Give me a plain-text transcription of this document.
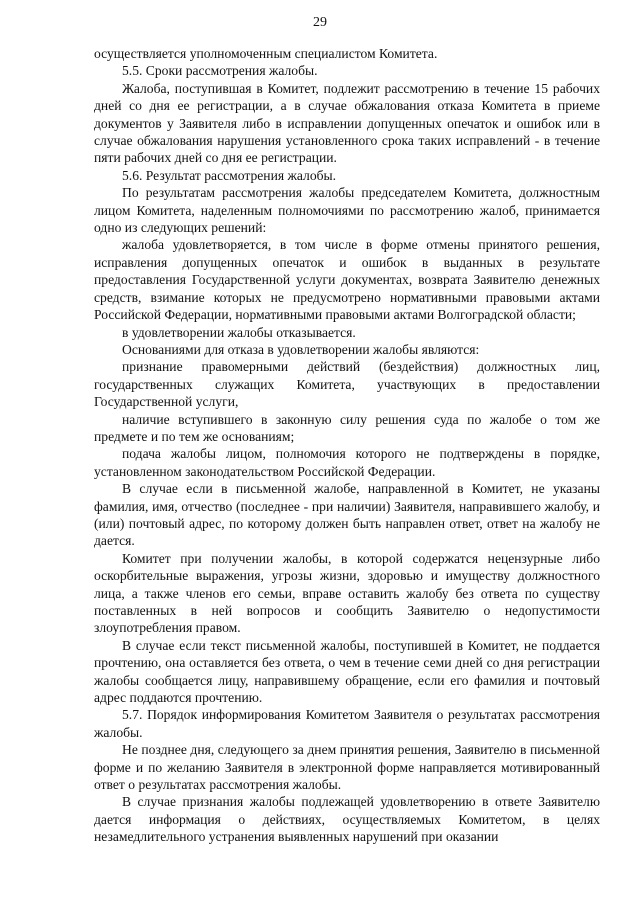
29

осуществляется уполномоченным специалистом Комитета.

5.5. Сроки рассмотрения жалобы.

Жалоба, поступившая в Комитет, подлежит рассмотрению в течение 15 рабочих дней со дня ее регистрации, а в случае обжалования отказа Комитета в приеме документов у Заявителя либо в исправлении допущенных опечаток и ошибок или в случае обжалования нарушения установленного срока таких исправлений - в течение пяти рабочих дней со дня ее регистрации.

5.6. Результат рассмотрения жалобы.

По результатам рассмотрения жалобы председателем Комитета, должностным лицом Комитета, наделенным полномочиями по рассмотрению жалоб, принимается одно из следующих решений:

жалоба удовлетворяется, в том числе в форме отмены принятого решения, исправления допущенных опечаток и ошибок в выданных в результате предоставления Государственной услуги документах, возврата Заявителю денежных средств, взимание которых не предусмотрено нормативными правовыми актами Российской Федерации, нормативными правовыми актами Волгоградской области;

в удовлетворении жалобы отказывается.

Основаниями для отказа в удовлетворении жалобы являются:

признание правомерными действий (бездействия) должностных лиц, государственных служащих Комитета, участвующих в предоставлении Государственной услуги,

наличие вступившего в законную силу решения суда по жалобе о том же предмете и по тем же основаниям;

подача жалобы лицом, полномочия которого не подтверждены в порядке, установленном законодательством Российской Федерации.

В случае если в письменной жалобе, направленной в Комитет, не указаны фамилия, имя, отчество (последнее - при наличии) Заявителя, направившего жалобу, и (или) почтовый адрес, по которому должен быть направлен ответ, ответ на жалобу не дается.

Комитет при получении жалобы, в которой содержатся нецензурные либо оскорбительные выражения, угрозы жизни, здоровью и имуществу должностного лица, а также членов его семьи, вправе оставить жалобу без ответа по существу поставленных в ней вопросов и сообщить Заявителю о недопустимости злоупотребления правом.

В случае если текст письменной жалобы, поступившей в Комитет, не поддается прочтению, она оставляется без ответа, о чем в течение семи дней со дня регистрации жалобы сообщается лицу, направившему обращение, если его фамилия и почтовый адрес поддаются прочтению.

5.7. Порядок информирования Комитетом Заявителя о результатах рассмотрения жалобы.

Не позднее дня, следующего за днем принятия решения, Заявителю в письменной форме и по желанию Заявителя в электронной форме направляется мотивированный ответ о результатах рассмотрения жалобы.

В случае признания жалобы подлежащей удовлетворению в ответе Заявителю дается информация о действиях, осуществляемых Комитетом, в целях незамедлительного устранения выявленных нарушений при оказании
